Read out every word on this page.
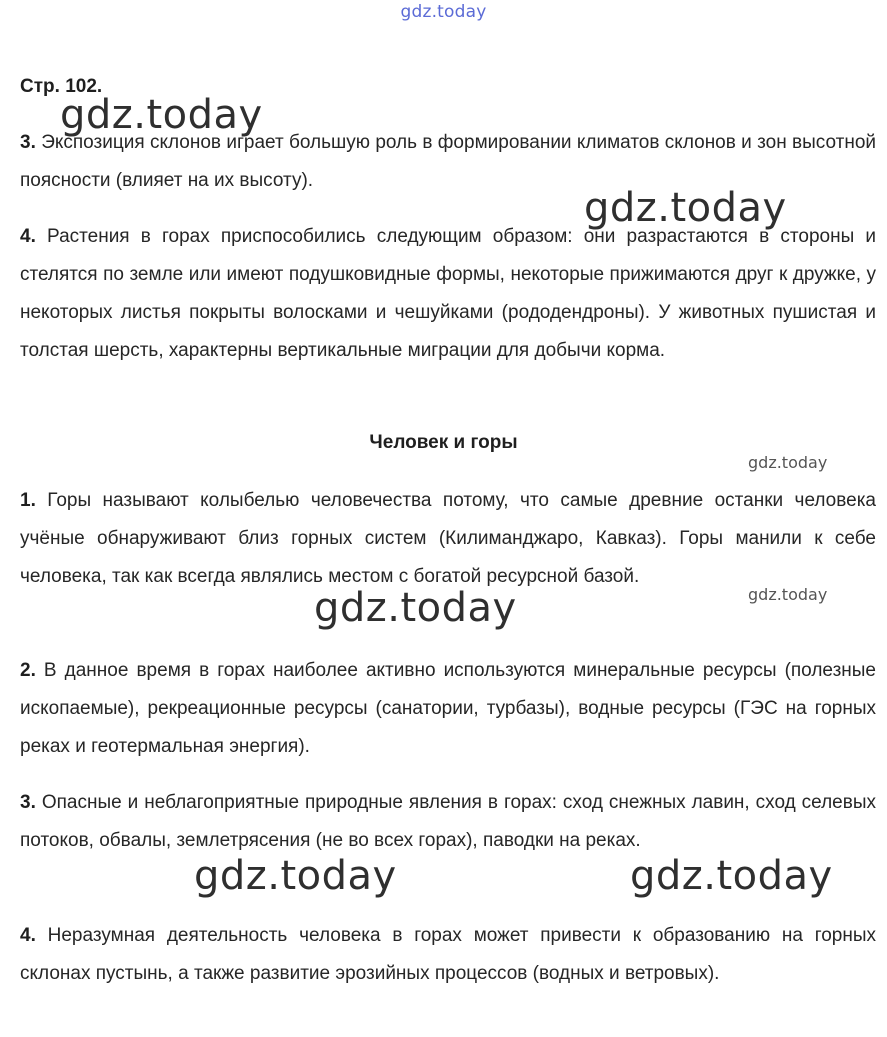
gdz.today
Стр. 102.
3. Экспозиция склонов играет большую роль в формировании климатов склонов и зон высотной поясности (влияет на их высоту).
4. Растения в горах приспособились следующим образом: они разрастаются в стороны и стелятся по земле или имеют подушковидные формы, некоторые прижимаются друг к дружке, у некоторых листья покрыты волосками и чешуйками (рододендроны). У животных пушистая и толстая шерсть, характерны вертикальные миграции для добычи корма.
Человек и горы
1. Горы называют колыбелью человечества потому, что самые древние останки человека учёные обнаруживают близ горных систем (Килиманджаро, Кавказ). Горы манили к себе человека, так как всегда являлись местом с богатой ресурсной базой.
2. В данное время в горах наиболее активно используются минеральные ресурсы (полезные ископаемые), рекреационные ресурсы (санатории, турбазы), водные ресурсы (ГЭС на горных реках и геотермальная энергия).
3. Опасные и неблагоприятные природные явления в горах: сход снежных лавин, сход селевых потоков, обвалы, землетрясения (не во всех горах), паводки на реках.
4. Неразумная деятельность человека в горах может привести к образованию на горных склонах пустынь, а также развитие эрозийных процессов (водных и ветровых).
gdz.today
gdz.today
gdz.today
gdz.today
gdz.today
gdz.today	gdz.today
